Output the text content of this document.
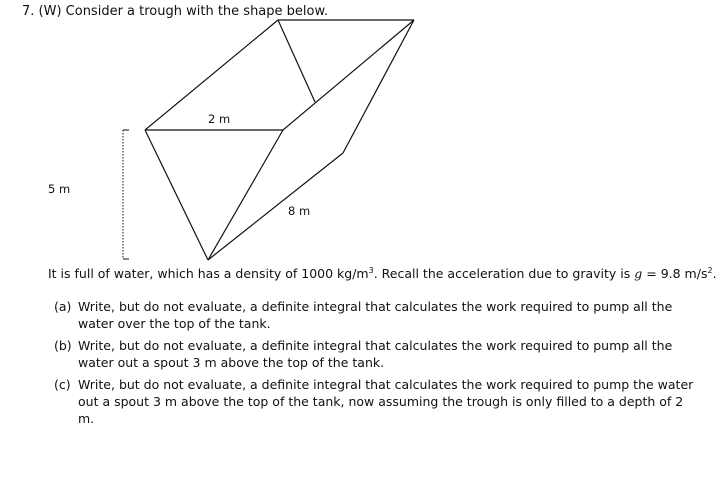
7. (W) Consider a trough with the shape below.
2 m
5 m
8 m
It is full of water, which has a density of 1000 $kg/m^3$. Recall the acceleration due to gravity is g = 9.8 $m/s^2$.
(a) Write, but do not evaluate, a definite integral that calculates the work required to pump all the water over the top of the tank.
(b) Write, but do not evaluate, a definite integral that calculates the work required to pump all the water out a spout 3 m above the top of the tank.
(c) Write, but do not evaluate, a definite integral that calculates the work required to pump the water out a spout 3 m above the top of the tank, now assuming the trough is only filled to a depth of 2 m.
